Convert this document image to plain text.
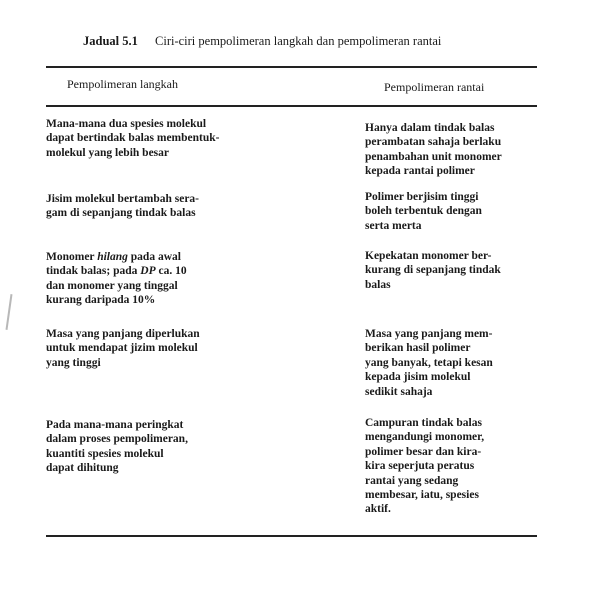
Jadual 5.1 Ciri-ciri pempolimeran langkah dan pempolimeran rantai
Pempolimeran langkah	Pempolimeran rantai
Mana-mana dua spesies molekul
dapat bertindak balas membentuk-
molekul yang lebih besar
Hanya dalam tindak balas
perambatan sahaja berlaku
penambahan unit monomer
kepada rantai polimer
Jisim molekul bertambah sera-
gam di sepanjang tindak balas
Polimer berjisim tinggi
boleh terbentuk dengan
serta merta
Monomer hilang pada awal
tindak balas; pada DP ca. 10
dan monomer yang tinggal
kurang daripada 10%
Kepekatan monomer ber-
kurang di sepanjang tindak
balas
Masa yang panjang diperlukan
untuk mendapat jizim molekul
yang tinggi
Masa yang panjang mem-
berikan hasil polimer
yang banyak, tetapi kesan
kepada jisim molekul
sedikit sahaja
Pada mana-mana peringkat
dalam proses pempolimeran,
kuantiti spesies molekul
dapat dihitung
Campuran tindak balas
mengandungi monomer,
polimer besar dan kira-
kira seperjuta peratus
rantai yang sedang
membesar, iatu, spesies
aktif.
